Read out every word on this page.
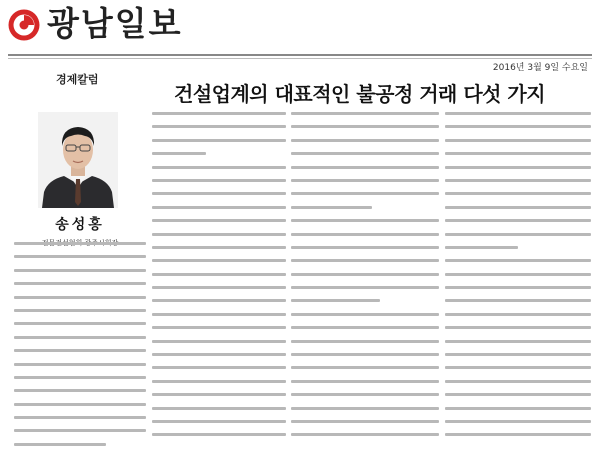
광남일보
2016년 3월 9일 수요일
경제칼럼
건설업계의 대표적인 불공정 거래 다섯 가지
송성홍
